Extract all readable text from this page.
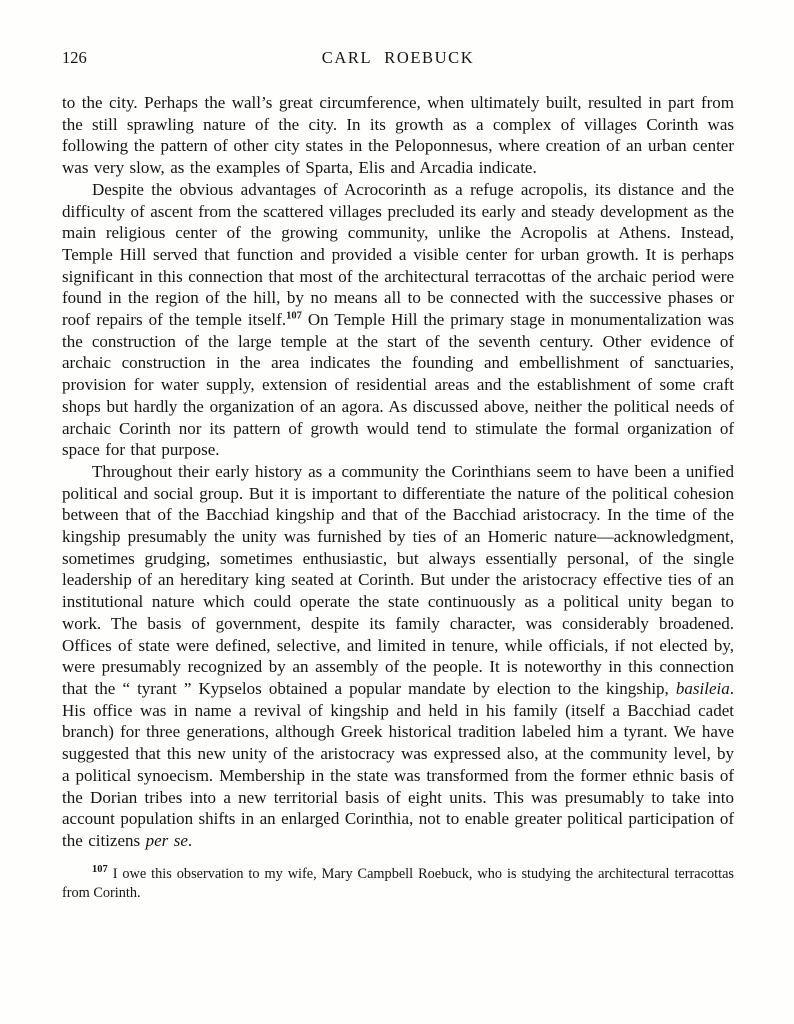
126	CARL ROEBUCK

to the city. Perhaps the wall’s great circumference, when ultimately built, resulted in part from the still sprawling nature of the city. In its growth as a complex of villages Corinth was following the pattern of other city states in the Peloponnesus, where creation of an urban center was very slow, as the examples of Sparta, Elis and Arcadia indicate.

Despite the obvious advantages of Acrocorinth as a refuge acropolis, its distance and the difficulty of ascent from the scattered villages precluded its early and steady development as the main religious center of the growing community, unlike the Acropolis at Athens. Instead, Temple Hill served that function and provided a visible center for urban growth. It is perhaps significant in this connection that most of the architectural terracottas of the archaic period were found in the region of the hill, by no means all to be connected with the successive phases or roof repairs of the temple itself.$^{107}$ On Temple Hill the primary stage in monumentalization was the construction of the large temple at the start of the seventh century. Other evidence of archaic construction in the area indicates the founding and embellishment of sanctuaries, provision for water supply, extension of residential areas and the establishment of some craft shops but hardly the organization of an agora. As discussed above, neither the political needs of archaic Corinth nor its pattern of growth would tend to stimulate the formal organization of space for that purpose.

Throughout their early history as a community the Corinthians seem to have been a unified political and social group. But it is important to differentiate the nature of the political cohesion between that of the Bacchiad kingship and that of the Bacchiad aristocracy. In the time of the kingship presumably the unity was furnished by ties of an Homeric nature—acknowledgment, sometimes grudging, sometimes enthusiastic, but always essentially personal, of the single leadership of an hereditary king seated at Corinth. But under the aristocracy effective ties of an institutional nature which could operate the state continuously as a political unity began to work. The basis of government, despite its family character, was considerably broadened. Offices of state were defined, selective, and limited in tenure, while officials, if not elected by, were presumably recognized by an assembly of the people. It is noteworthy in this connection that the “ tyrant ” Kypselos obtained a popular mandate by election to the kingship, basileia. His office was in name a revival of kingship and held in his family (itself a Bacchiad cadet branch) for three generations, although Greek historical tradition labeled him a tyrant. We have suggested that this new unity of the aristocracy was expressed also, at the community level, by a political synoecism. Membership in the state was transformed from the former ethnic basis of the Dorian tribes into a new territorial basis of eight units. This was presumably to take into account population shifts in an enlarged Corinthia, not to enable greater political participation of the citizens per se.

$^{107}$ I owe this observation to my wife, Mary Campbell Roebuck, who is studying the architectural terracottas from Corinth.
